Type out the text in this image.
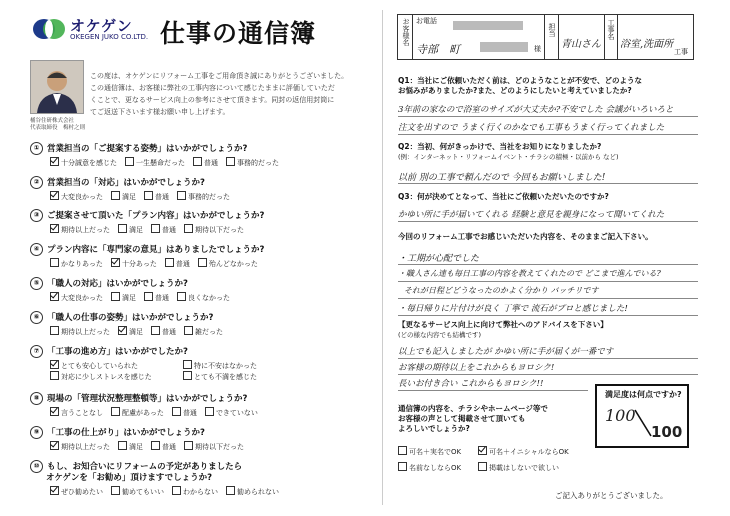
オケゲン
OKEGEN JUKO CO.LTD. 仕事の通信簿
この度は、オケゲンにリフォーム工事をご用命頂き誠にありがとうございました。
この通信簿は、お客様に弊社の工事内容について感じたままに評価していただ
くことで、更なるサービス向上の参考にさせて頂きます。同封の返信用封筒に
てご返送下さいます様お願い申し上げます。
桶谷住研株式会社
代表取締役　梅村之則
① 営業担当の「ご提案する姿勢」はいかがでしょうか?
十分誠意を感じた	一生懸命だった	普通	事務的だった
② 営業担当の「対応」はいかがでしょうか?
大変良かった	満足	普通	事務的だった
③ ご提案させて頂いた「プラン内容」はいかがでしょうか?
期待以上だった	満足	普通	期待以下だった
④ プラン内容に「専門家の意見」はありましたでしょうか?
かなりあった	十分あった	普通	殆んどなかった
⑤ 「職人の対応」はいかがでしょうか?
大変良かった	満足	普通	良くなかった
⑥ 「職人の仕事の姿勢」はいかがでしょうか?
期待以上だった	満足	普通	雑だった
⑦ 「工事の進め方」はいかがでしたか?
とても安心していられた	特に不安はなかった
対応に少しストレスを感じた	とても不満を感じた
⑧ 現場の「管理状況整理整頓等」はいかがでしょうか?
言うことなし	配慮があった	普通	できていない
⑨ 「工事の仕上がり」はいかがでしょうか?
期待以上だった	満足	普通	期待以下だった
⑩ もし、お知合いにリフォームの予定がありましたら
オケゲンを「お勧め」頂けますでしょうか?
ぜひ勧めたい	勧めてもいい	わからない	勧められない
お客様名 お電話
寺部　町	様
担当
青山さん
工事名
浴室,洗面所
工事
Q1：当社にご依頼いただく前は、どのようなことが不安で、どのような
お悩みがありましたか?また、どのようにしたいと考えていましたか?
3年前の家なので浴室のサイズが大丈夫か?不安でした 会議がいろいろと
注文を出すので うまく行くのかなでも工事もうまく行ってくれました
Q2：当初、何がきっかけで、当社をお知りになりましたか?
(例：インターネット・リフォームイベント・チラシの積極・以前から など)
以前 別の工事で頼んだので 今回もお願いしました!
Q3：何が決めてとなって、当社にご依頼いただいたのですか?
かゆい所に手が届いてくれる 経験と意見を親身になって聞いてくれた
今回のリフォーム工事でお感じいただいた内容を、そのままご記入下さい。
・工期が心配でした
・職人さん達も毎日工事の内容を教えてくれたので どこまで進んでいる?
それが日程どどうなったのかよく分かり バッチリです
・毎日帰りに片付けが良く 丁寧で 流石がプロと感じました!
【更なるサービス向上に向けて弊社へのアドバイスを下さい】
(どの様な内容でも結構です)
以上でも記入しましたが かゆい所に手が届くが一番です
お客様の期待以上をこれからもヨロシク!
長いお付き合い これからもヨロシク!!
通信簿の内容を、チラシやホームページ等で
お客様の声として掲載させて頂いても
よろしいでしょうか?
可名＋実名でOK	可名＋イニシャルならOK
名前なしならOK	掲載はしないで欲しい
満足度は何点ですか?
100
100
ご記入ありがとうございました。
